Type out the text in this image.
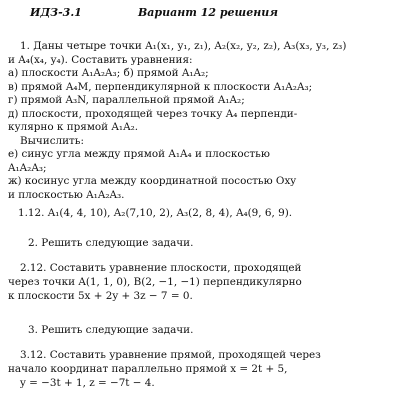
ИДЗ-3.1	Вариант 12 решения
1. Даны четыре точки A₁(x₁, y₁, z₁), A₂(x₂, y₂, z₂), A₃(x₃, y₃, z₃)
и A₄(x₄, y₄). Составить уравнения:
а) плоскости A₁A₂A₃; б) прямой A₁A₂;
в) прямой A₄M, перпендикулярной к плоскости A₁A₂A₃;
г) прямой A₃N, параллельной прямой A₁A₂;
д) плоскости, проходящей через точку A₄ перпенди-
кулярно к прямой A₁A₂.
Вычислить:
е) синус угла между прямой A₁A₄ и плоскостью
A₁A₂A₃;
ж) косинус угла между координатной посостью Oxy
и плоскостью A₁A₂A₃.
1.12. A₁(4, 4, 10), A₂(7,10, 2), A₃(2, 8, 4), A₄(9, 6, 9).
2. Решить следующие задачи.
2.12. Составить уравнение плоскости, проходящей
через точки A(1, 1, 0), B(2, −1, −1) перпендикулярно
к плоскости 5x + 2y + 3z − 7 = 0.
3. Решить следующие задачи.
3.12. Составить уравнение прямой, проходящей через
начало координат параллельно прямой x = 2t + 5,
y = −3t + 1, z = −7t − 4.
